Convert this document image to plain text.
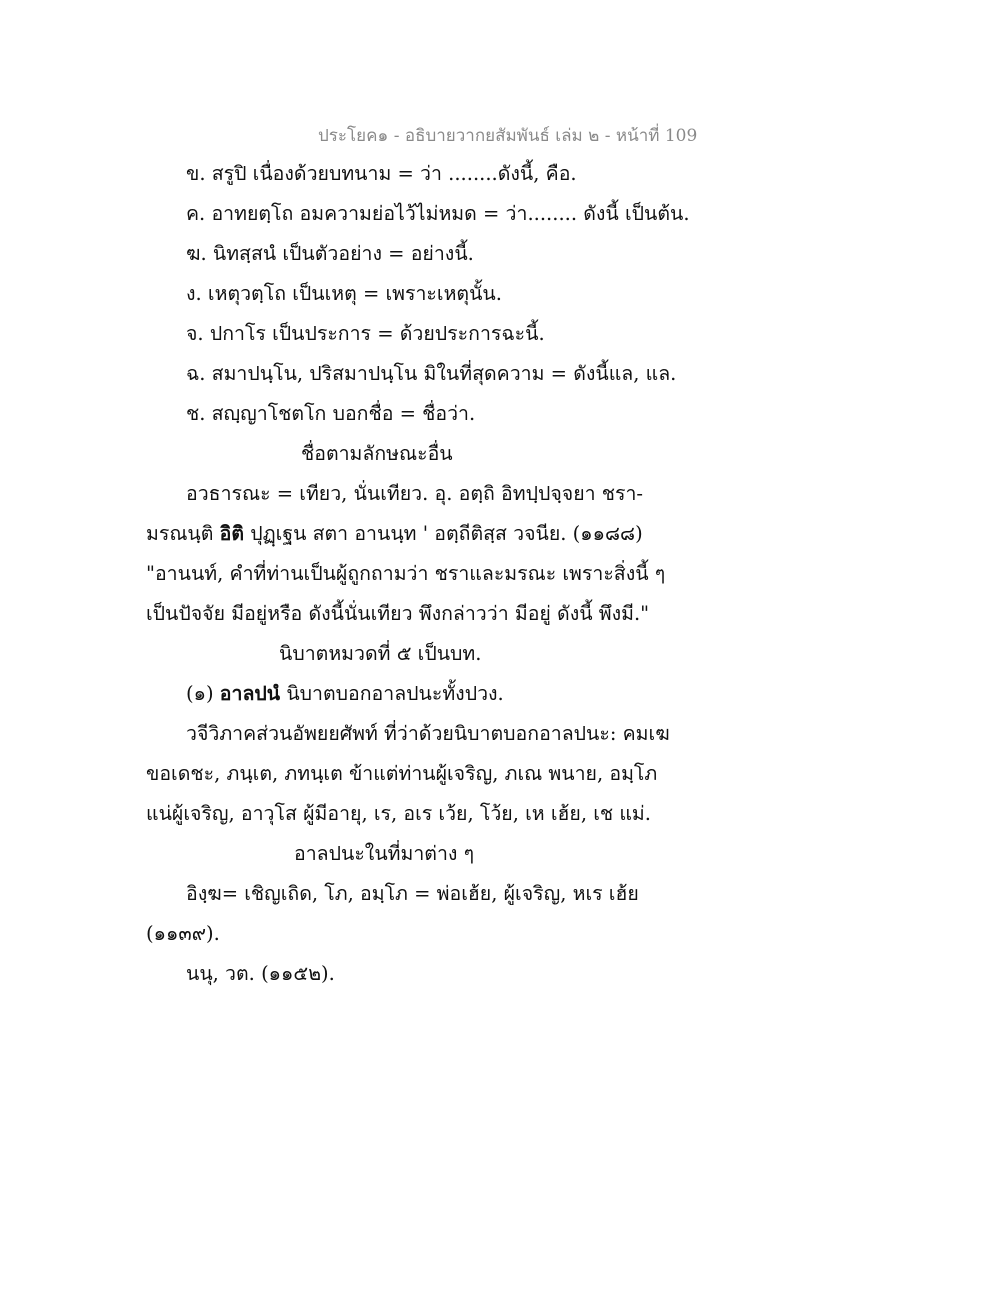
ประโยค๑ - อธิบายวากยสัมพันธ์ เล่ม ๒ - หน้าที่ 109
ข. สรูปิ เนื่องด้วยบทนาม = ว่า ........ดังนี้, คือ.
ค. อาทยตฺโถ อมความย่อไว้ไม่หมด = ว่า........ ดังนี้ เป็นต้น.
ฆ. นิทสฺสนํ เป็นตัวอย่าง = อย่างนี้.
ง. เหตุวตฺโถ เป็นเหตุ = เพราะเหตุนั้น.
จ. ปกาโร เป็นประการ = ด้วยประการฉะนี้.
ฉ. สมาปนฺโน, ปริสมาปนฺโน มิในที่สุดความ = ดังนี้แล, แล.
ช. สญฺญาโชตโก บอกชื่อ = ชื่อว่า.
ชื่อตามลักษณะอื่น
อวธารณะ = เทียว, นั่นเทียว. อุ. อตฺถิ อิทปฺปจฺจยา ชรา-
มรณนฺติ อิติ ปุฏฺเฐน สตา อานนฺท ' อตฺถีติสฺส วจนีย. (๑๑๘๘)
"อานนท์, คำที่ท่านเป็นผู้ถูกถามว่า ชราและมรณะ เพราะสิ่งนี้ ๆ
เป็นปัจจัย มีอยู่หรือ ดังนี้นั่นเทียว พึงกล่าวว่า มีอยู่ ดังนี้ พึงมี."
นิบาตหมวดที่ ๕ เป็นบท.
(๑) อาลปนํ นิบาตบอกอาลปนะทั้งปวง.
วจีวิภาคส่วนอัพยยศัพท์ ที่ว่าด้วยนิบาตบอกอาลปนะ: คมเฆ
ขอเดชะ, ภนฺเต, ภทนฺเต ข้าแต่ท่านผู้เจริญ, ภเณ พนาย, อมฺโภ
แน่ผู้เจริญ, อาวุโส ผู้มีอายุ, เร, อเร เว้ย, โว้ย, เห เฮ้ย, เช แม่.
อาลปนะในที่มาต่าง ๆ
อิงฺฆ= เชิญเถิด, โภ, อมฺโภ = พ่อเฮ้ย, ผู้เจริญ, หเร เฮ้ย
(๑๑๓๙).
นนุ, วต. (๑๑๕๒).
